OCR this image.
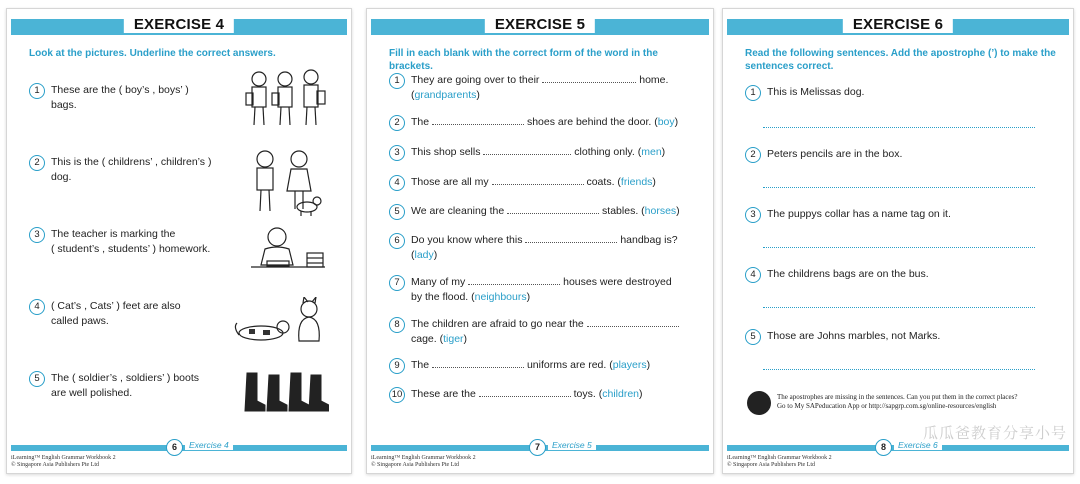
EXERCISE 4
Look at the pictures. Underline the correct answers.
1	These are the ( boy’s , boys’ )
bags.
2	This is the ( childrens’ , children’s )
dog.
3	The teacher is marking the
( student’s , students’ ) homework.
4	( Cat’s , Cats’ ) feet are also
called paws.
5	The ( soldier’s , soldiers’ ) boots
are well polished.
6	Exercise 4
iLearning™ English Grammar Workbook 2
© Singapore Asia Publishers Pte Ltd
EXERCISE 5
Fill in each blank with the correct form of the word in the brackets.
1	They are going over to their	home.
(grandparents)
2	The	shoes are behind the door. (boy)
3	This shop sells	clothing only. (men)
4	Those are all my	coats. (friends)
5	We are cleaning the	stables. (horses)
6	Do you know where this	handbag is?
(lady)
7	Many of my	houses were destroyed
by the flood. (neighbours)
8	The children are afraid to go near the
cage. (tiger)
9	The	uniforms are red. (players)
10 These are the	toys. (children)
7	Exercise 5
iLearning™ English Grammar Workbook 2
© Singapore Asia Publishers Pte Ltd
EXERCISE 6
Read the following sentences. Add the apostrophe (’) to make the sentences correct.
1	This is Melissas dog.
2	Peters pencils are in the box.
3	The puppys collar has a name tag on it.
4	The childrens bags are on the bus.
5	Those are Johns marbles, not Marks.
The apostrophes are missing in the sentences. Can you put them in the correct places?
Go to My SAPeducation App or http://sapgrp.com.sg/online-resources/english
8	Exercise 6
iLearning™ English Grammar Workbook 2
© Singapore Asia Publishers Pte Ltd
瓜瓜爸教育分享小号
